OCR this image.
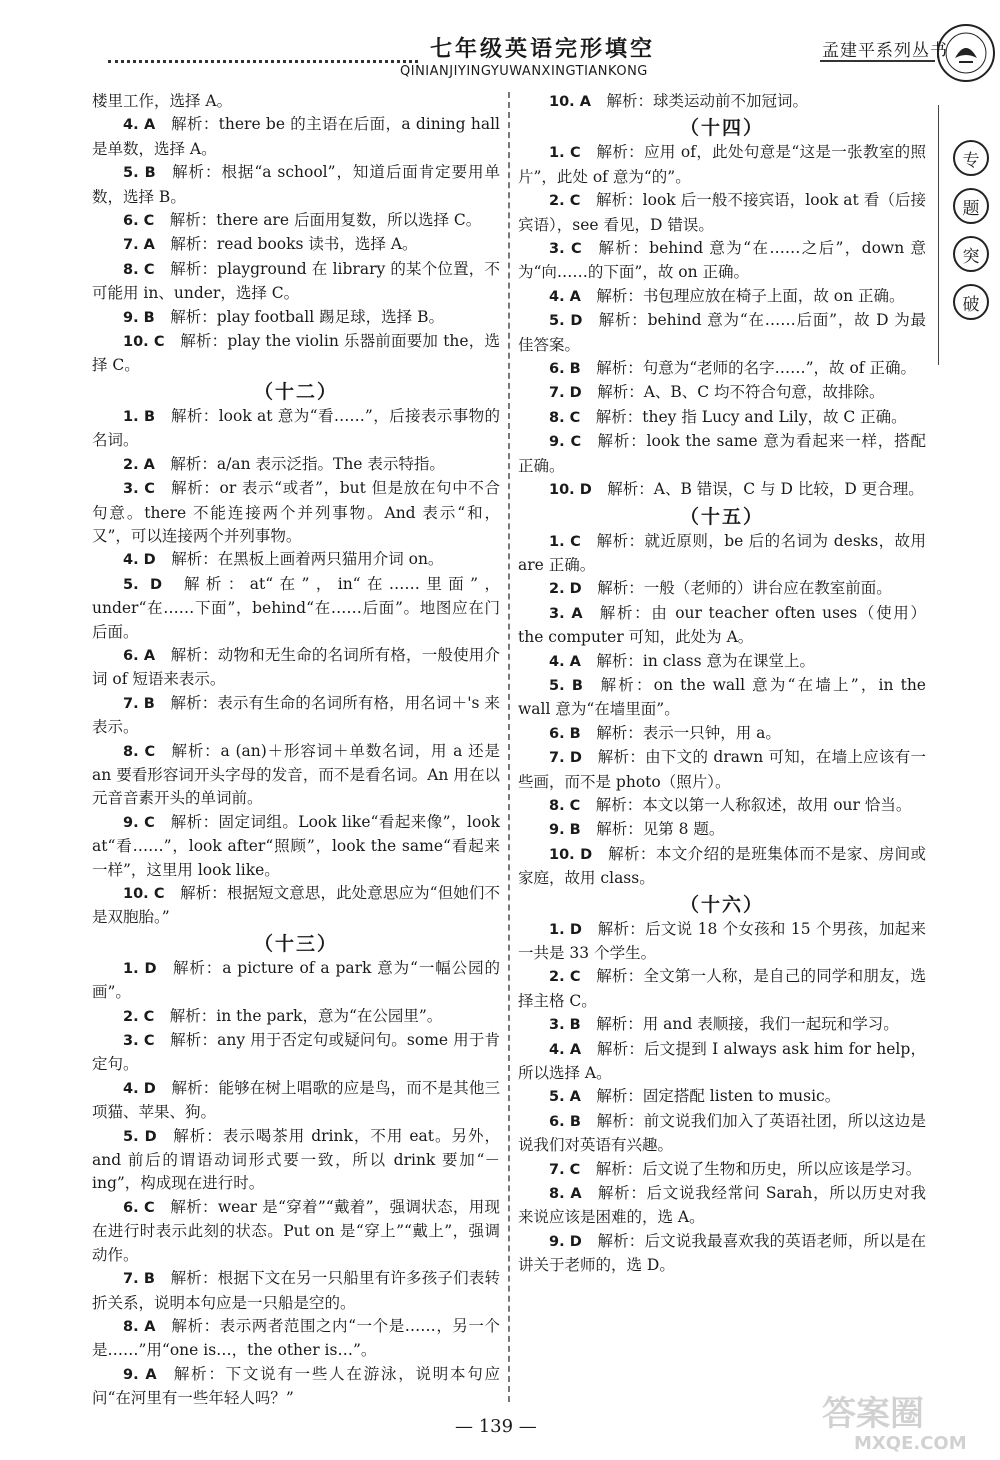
七年级英语完形填空	孟建平系列丛书
QINIANJIYINGYUWANXINGTIANKONG
专
题
突
破

楼里工作，选择 A。

4. A  解析：there be 的主语在后面，a dining hall 是单数，选择 A。

5. B  解析：根据“a school”，知道后面肯定要用单数，选择 B。

6. C  解析：there are 后面用复数，所以选择 C。

7. A  解析：read books 读书，选择 A。

8. C  解析：playground 在 library 的某个位置，不可能用 in、under，选择 C。

9. B  解析：play football 踢足球，选择 B。

10. C  解析：play the violin 乐器前面要加 the，选择 C。

（十二）

1. B  解析：look at 意为“看……”，后接表示事物的名词。

2. A  解析：a/an 表示泛指。The 表示特指。

3. C  解析：or 表示“或者”，but 但是放在句中不合句意。there 不能连接两个并列事物。And 表示“和，又”，可以连接两个并列事物。

4. D  解析：在黑板上画着两只猫用介词 on。

5. D  解析：at“在”，in“在……里面”，under“在……下面”，behind“在……后面”。地图应在门后面。

6. A  解析：动物和无生命的名词所有格，一般使用介词 of 短语来表示。

7. B  解析：表示有生命的名词所有格，用名词＋'s 来表示。

8. C  解析：a (an)＋形容词＋单数名词，用 a 还是 an 要看形容词开头字母的发音，而不是看名词。An 用在以元音音素开头的单词前。

9. C  解析：固定词组。Look like“看起来像”，look at“看……”，look after“照顾”，look the same“看起来一样”，这里用 look like。

10. C  解析：根据短文意思，此处意思应为“但她们不是双胞胎。”

（十三）

1. D  解析：a picture of a park 意为“一幅公园的画”。

2. C  解析：in the park，意为“在公园里”。

3. C  解析：any 用于否定句或疑问句。some 用于肯定句。

4. D  解析：能够在树上唱歌的应是鸟，而不是其他三项猫、苹果、狗。

5. D  解析：表示喝茶用 drink，不用 eat。另外，and 前后的谓语动词形式要一致，所以 drink 要加“－ing”，构成现在进行时。

6. C  解析：wear 是“穿着”“戴着”，强调状态，用现在进行时表示此刻的状态。Put on 是“穿上”“戴上”，强调动作。

7. B  解析：根据下文在另一只船里有许多孩子们表转折关系，说明本句应是一只船是空的。

8. A  解析：表示两者范围之内“一个是……，另一个是……”用“one is…，the other is…”。

9. A  解析：下文说有一些人在游泳，说明本句应问“在河里有一些年轻人吗？”

10. A  解析：球类运动前不加冠词。

（十四）

1. C  解析：应用 of，此处句意是“这是一张教室的照片”，此处 of 意为“的”。

2. C  解析：look 后一般不接宾语，look at 看（后接宾语），see 看见，D 错误。

3. C  解析：behind 意为“在……之后”，down 意为“向……的下面”，故 on 正确。

4. A  解析：书包理应放在椅子上面，故 on 正确。

5. D  解析：behind 意为“在……后面”，故 D 为最佳答案。

6. B  解析：句意为“老师的名字……”，故 of 正确。

7. D  解析：A、B、C 均不符合句意，故排除。

8. C  解析：they 指 Lucy and Lily，故 C 正确。

9. C  解析：look the same 意为看起来一样，搭配正确。

10. D  解析：A、B 错误，C 与 D 比较，D 更合理。

（十五）

1. C  解析：就近原则，be 后的名词为 desks，故用 are 正确。

2. D  解析：一般（老师的）讲台应在教室前面。

3. A  解析：由 our teacher often uses（使用）the computer 可知，此处为 A。

4. A  解析：in class 意为在课堂上。

5. B  解析：on the wall 意为“在墙上”，in the wall 意为“在墙里面”。

6. B  解析：表示一只钟，用 a。

7. D  解析：由下文的 drawn 可知，在墙上应该有一些画，而不是 photo（照片）。

8. C  解析：本文以第一人称叙述，故用 our 恰当。

9. B  解析：见第 8 题。

10. D  解析：本文介绍的是班集体而不是家、房间或家庭，故用 class。

（十六）

1. D  解析：后文说 18 个女孩和 15 个男孩，加起来一共是 33 个学生。

2. C  解析：全文第一人称，是自己的同学和朋友，选择主格 C。

3. B  解析：用 and 表顺接，我们一起玩和学习。

4. A  解析：后文提到 I always ask him for help，所以选择 A。

5. A  解析：固定搭配 listen to music。

6. B  解析：前文说我们加入了英语社团，所以这边是说我们对英语有兴趣。

7. C  解析：后文说了生物和历史，所以应该是学习。

8. A  解析：后文说我经常问 Sarah，所以历史对我来说应该是困难的，选 A。

9. D  解析：后文说我最喜欢我的英语老师，所以是在讲关于老师的，选 D。

— 139 —	答案圈
MXQE.COM
